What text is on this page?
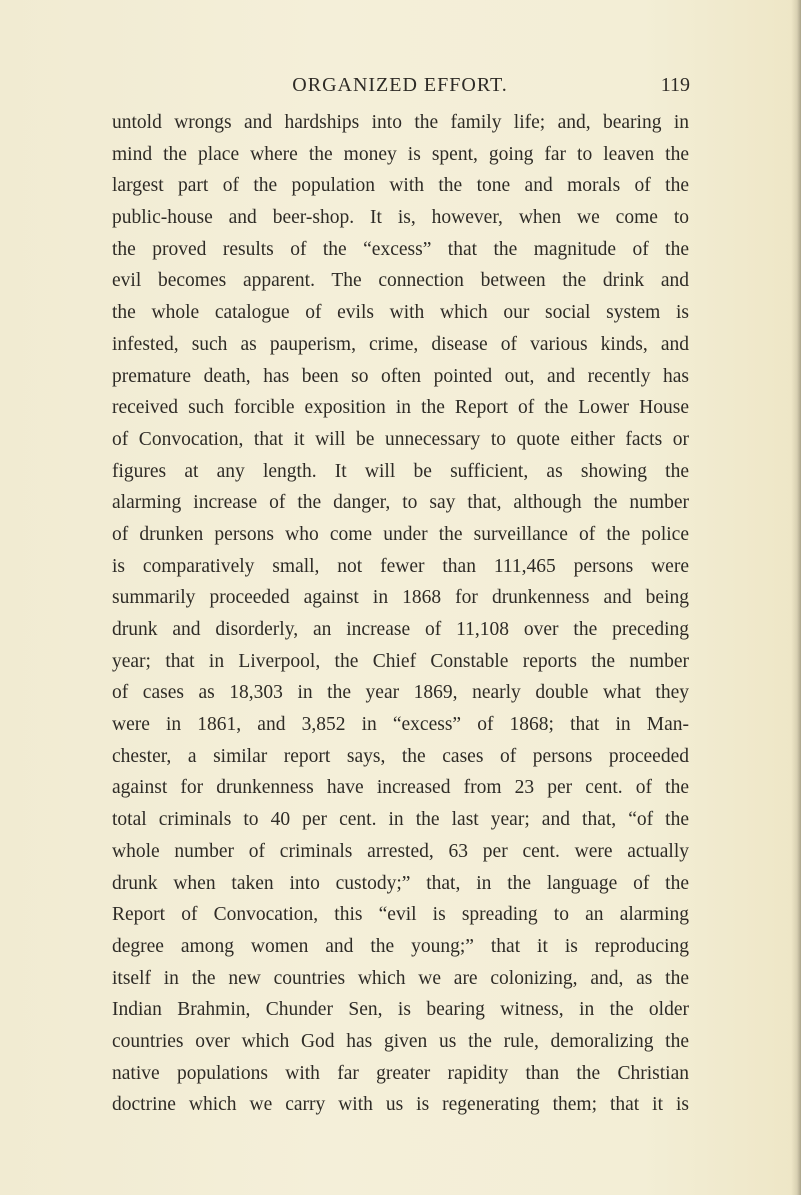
ORGANIZED EFFORT.	119
untold wrongs and hardships into the family life; and, bearing in
mind the place where the money is spent, going far to leaven the
largest part of the population with the tone and morals of the
public-house and beer-shop. It is, however, when we come to
the proved results of the “excess” that the magnitude of the
evil becomes apparent. The connection between the drink and
the whole catalogue of evils with which our social system is
infested, such as pauperism, crime, disease of various kinds, and
premature death, has been so often pointed out, and recently has
received such forcible exposition in the Report of the Lower House
of Convocation, that it will be unnecessary to quote either facts or
figures at any length. It will be sufficient, as showing the
alarming increase of the danger, to say that, although the number
of drunken persons who come under the surveillance of the police
is comparatively small, not fewer than 111,465 persons were
summarily proceeded against in 1868 for drunkenness and being
drunk and disorderly, an increase of 11,108 over the preceding
year; that in Liverpool, the Chief Constable reports the number
of cases as 18,303 in the year 1869, nearly double what they
were in 1861, and 3,852 in “excess” of 1868; that in Man-
chester, a similar report says, the cases of persons proceeded
against for drunkenness have increased from 23 per cent. of the
total criminals to 40 per cent. in the last year; and that, “of the
whole number of criminals arrested, 63 per cent. were actually
drunk when taken into custody;” that, in the language of the
Report of Convocation, this “evil is spreading to an alarming
degree among women and the young;” that it is reproducing
itself in the new countries which we are colonizing, and, as the
Indian Brahmin, Chunder Sen, is bearing witness, in the older
countries over which God has given us the rule, demoralizing the
native populations with far greater rapidity than the Christian
doctrine which we carry with us is regenerating them; that it is
